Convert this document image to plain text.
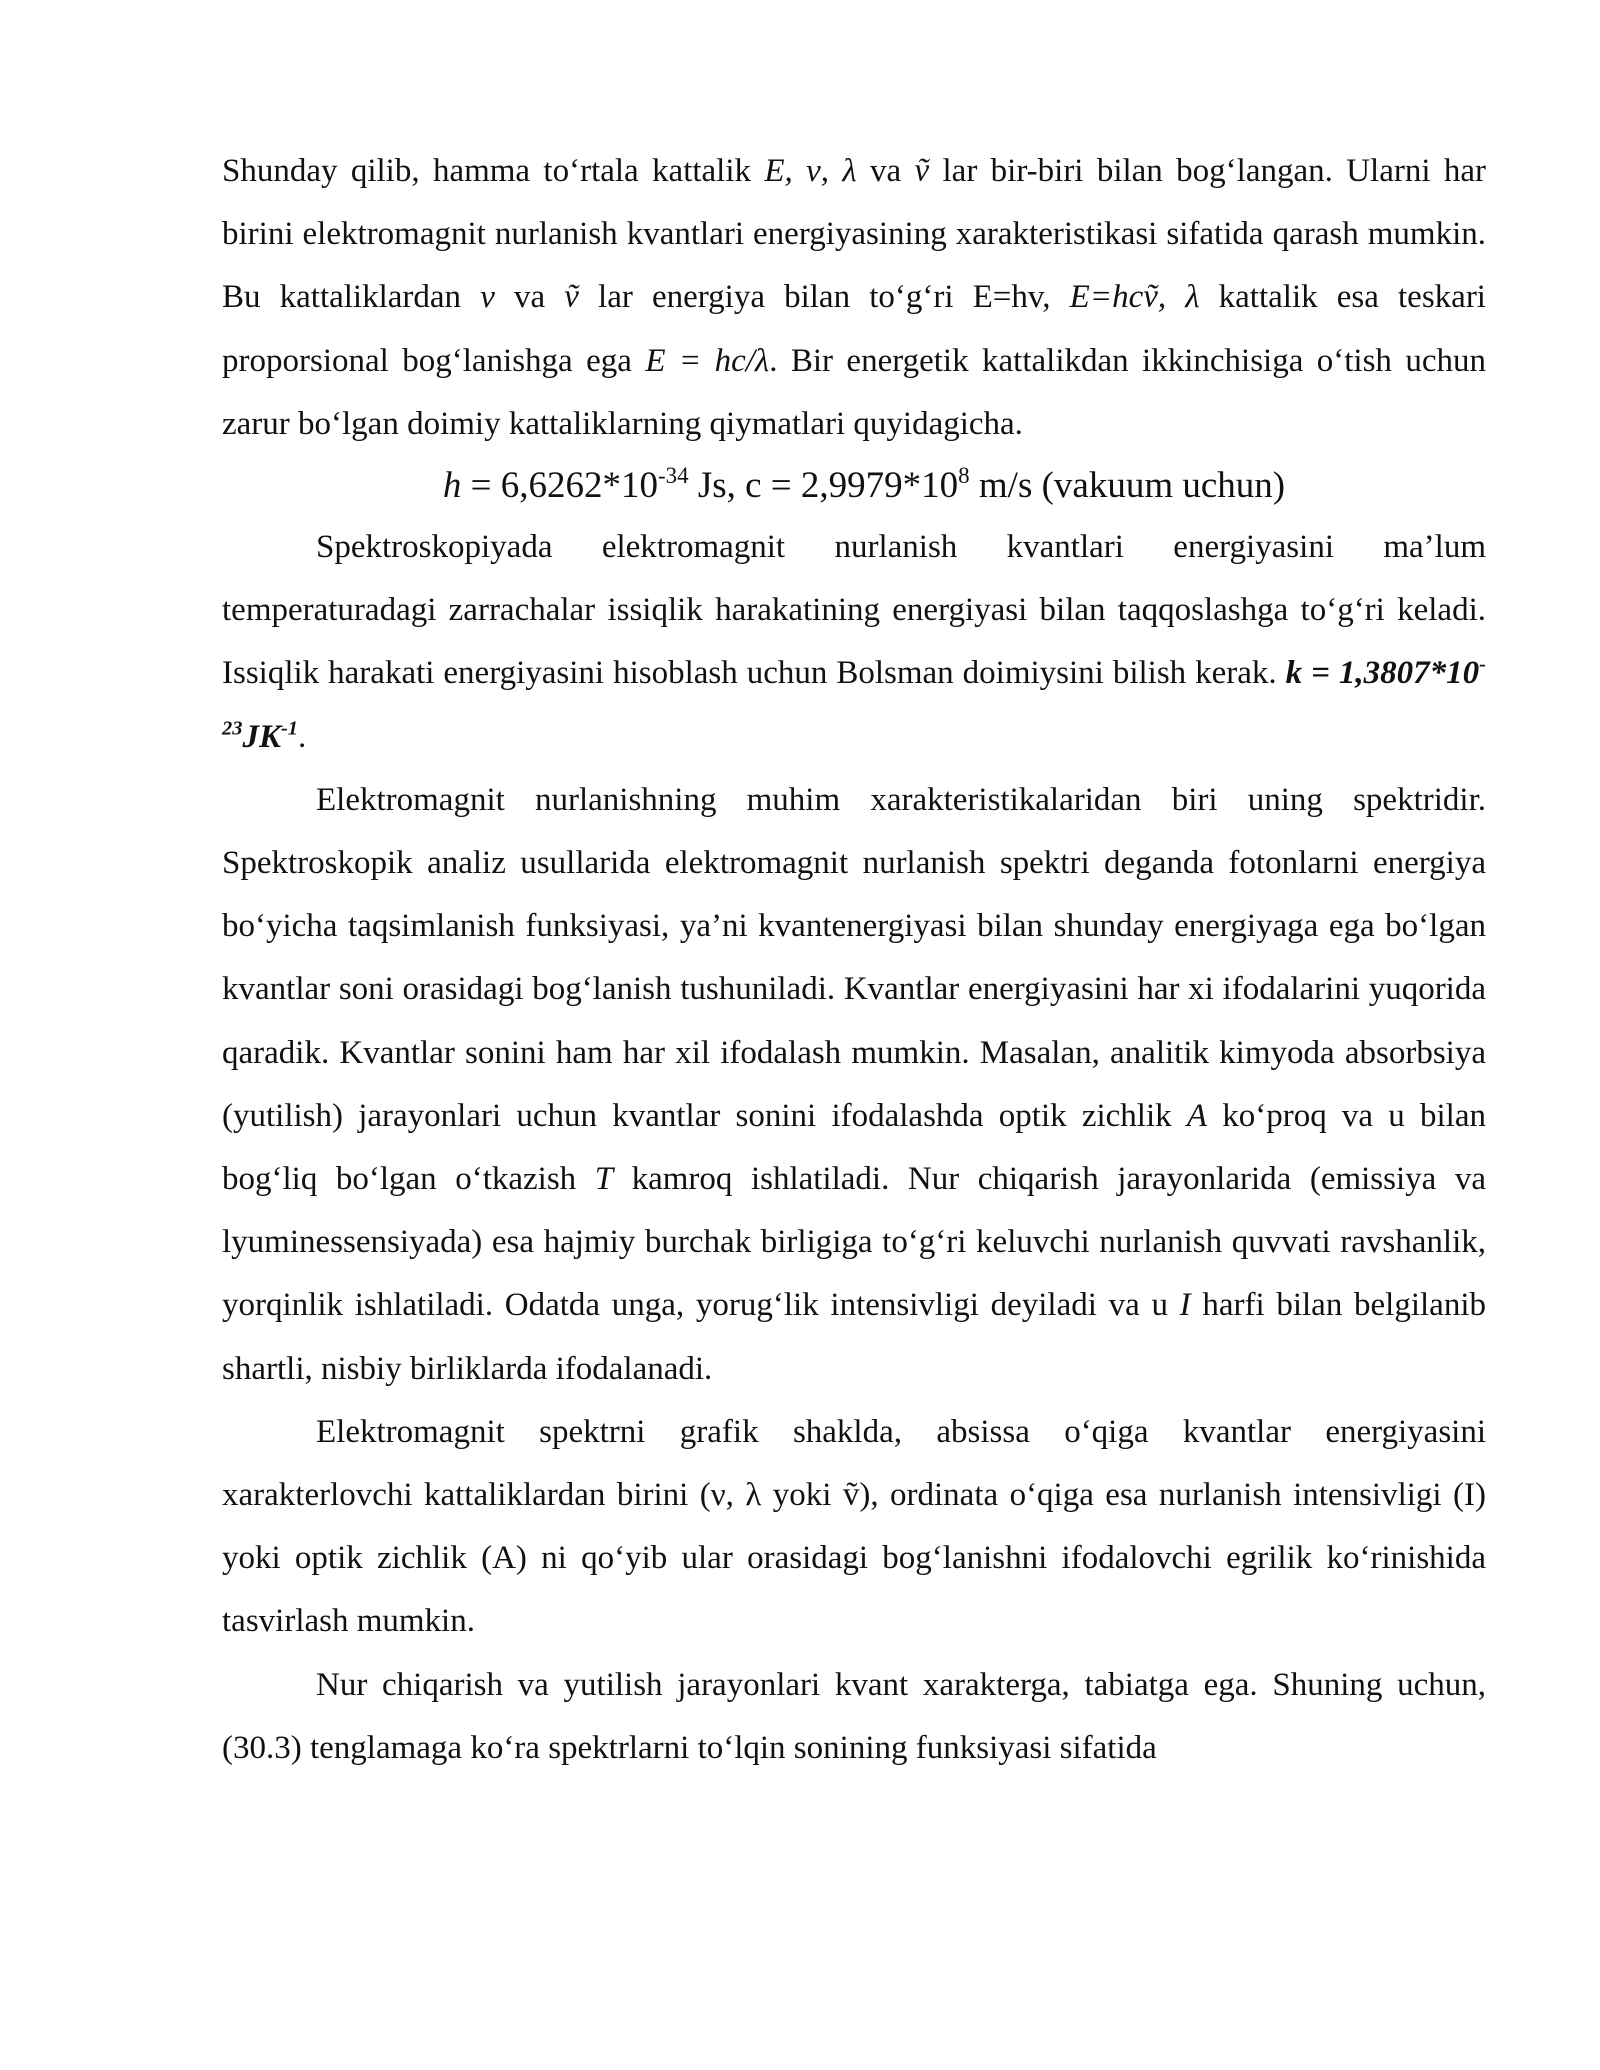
Shunday qilib, hamma to‘rtala kattalik E, ν, λ va ṽ lar bir-biri bilan bog‘langan. Ularni har birini elektromagnit nurlanish kvantlari energiyasining xarakteristikasi sifatida qarash mumkin. Bu kattaliklardan ν va ṽ lar energiya bilan to‘g‘ri E=hv, E=hcṽ, λ kattalik esa teskari proporsional bog‘lanishga ega E = hc/λ. Bir energetik kattalikdan ikkinchisiga o‘tish uchun zarur bo‘lgan doimiy kattaliklarning qiymatlari quyidagicha.

$h = 6,6262*10^{-34}$ Js, $c = 2,9979*10^8$ m/s (vakuum uchun)

Spektroskopiyada elektromagnit nurlanish kvantlari energiyasini ma’lum temperaturadagi zarrachalar issiqlik harakatining energiyasi bilan taqqoslashga to‘g‘ri keladi. Issiqlik harakati energiyasini hisoblash uchun Bolsman doimiysini bilish kerak. $k = 1,3807*10^{-23}JK^{-1}$.

Elektromagnit nurlanishning muhim xarakteristikalaridan biri uning spektridir. Spektroskopik analiz usullarida elektromagnit nurlanish spektri deganda fotonlarni energiya bo‘yicha taqsimlanish funksiyasi, ya’ni kvantenergiyasi bilan shunday energiyaga ega bo‘lgan kvantlar soni orasidagi bog‘lanish tushuniladi. Kvantlar energiyasini har xi ifodalarini yuqorida qaradik. Kvantlar sonini ham har xil ifodalash mumkin. Masalan, analitik kimyoda absorbsiya (yutilish) jarayonlari uchun kvantlar sonini ifodalashda optik zichlik A ko‘proq va u bilan bog‘liq bo‘lgan o‘tkazish T kamroq ishlatiladi. Nur chiqarish jarayonlarida (emissiya va lyuminessensiyada) esa hajmiy burchak birligiga to‘g‘ri keluvchi nurlanish quvvati ravshanlik, yorqinlik ishlatiladi. Odatda unga, yorug‘lik intensivligi deyiladi va u I harfi bilan belgilanib shartli, nisbiy birliklarda ifodalanadi.

Elektromagnit spektrni grafik shaklda, absissa o‘qiga kvantlar energiyasini xarakterlovchi kattaliklardan birini (ν, λ yoki ṽ), ordinata o‘qiga esa nurlanish intensivligi (I) yoki optik zichlik (A) ni qo‘yib ular orasidagi bog‘lanishni ifodalovchi egrilik ko‘rinishida tasvirlash mumkin.

Nur chiqarish va yutilish jarayonlari kvant xarakterga, tabiatga ega. Shuning uchun, (30.3) tenglamaga ko‘ra spektrlarni to‘lqin sonining funksiyasi sifatida
